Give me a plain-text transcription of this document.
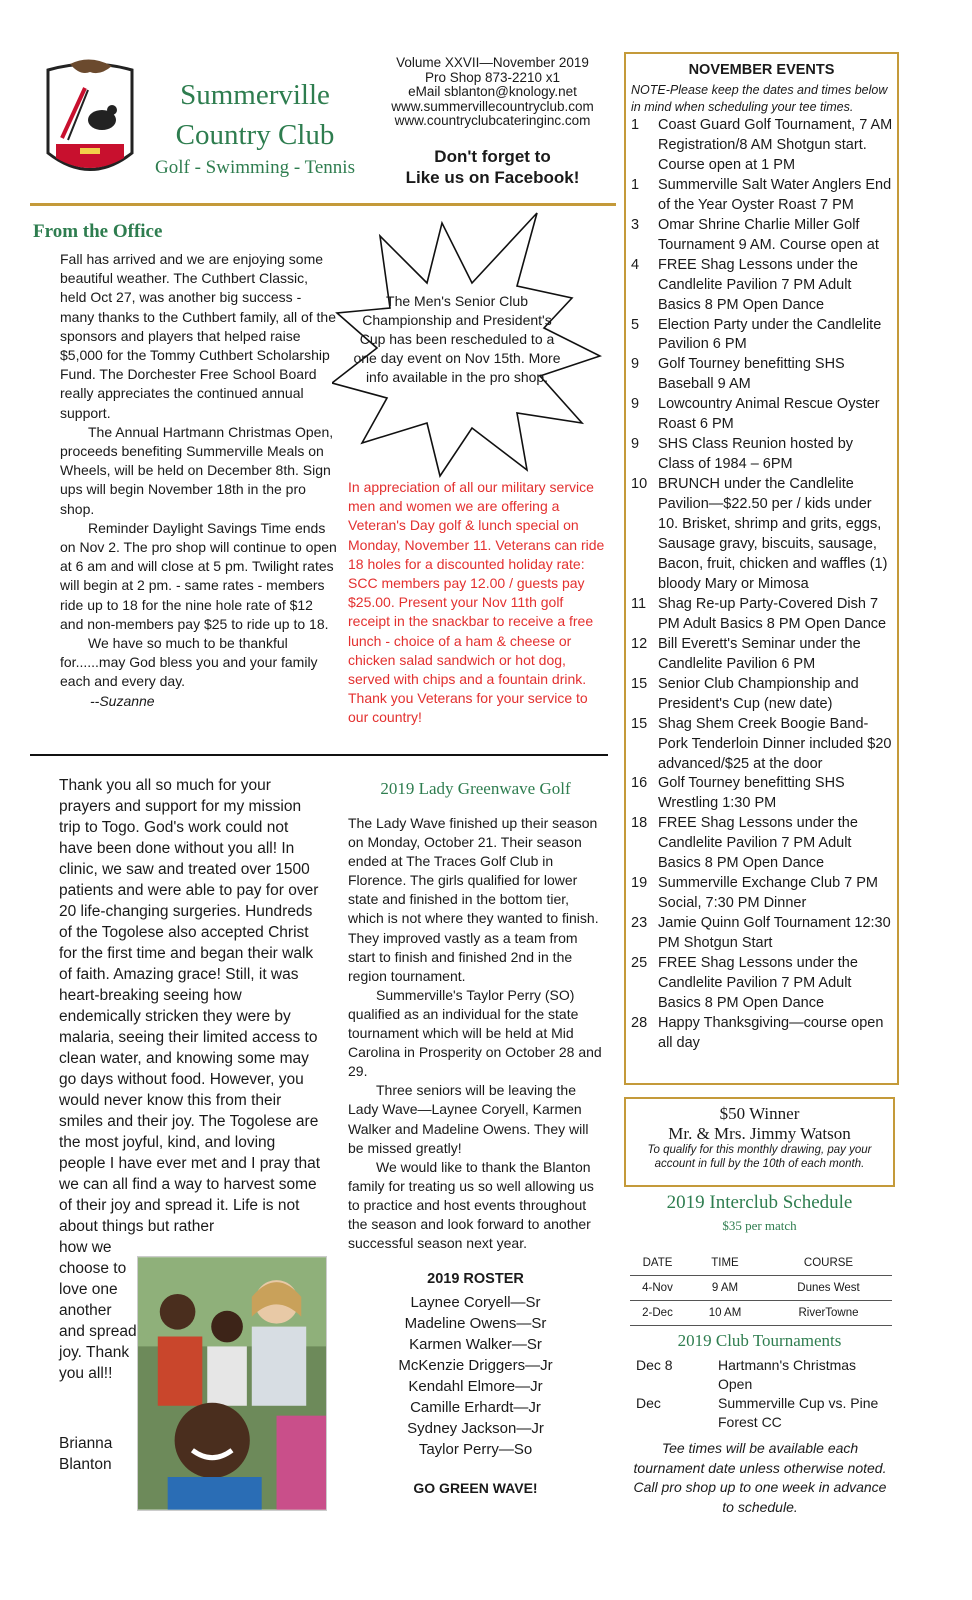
Summerville
Country Club
Golf - Swimming - Tennis
Volume XXVII—November 2019
Pro Shop 873-2210 x1
eMail sblanton@knology.net
www.summervillecountryclub.com
www.countryclubcateringinc.com
Don't forget to
Like us on Facebook!
From the Office

Fall has arrived and we are enjoying some beautiful weather. The Cuthbert Classic, held Oct 27, was another big success - many thanks to the Cuthbert family, all of the sponsors and players that helped raise $5,000 for the Tommy Cuthbert Scholarship Fund. The Dorchester Free School Board really appreciates the continued annual support.

The Annual Hartmann Christmas Open, proceeds benefiting Summerville Meals on Wheels, will be held on December 8th. Sign ups will begin November 18th in the pro shop.

Reminder Daylight Savings Time ends on Nov 2. The pro shop will continue to open at 6 am and will close at 5 pm. Twilight rates will begin at 2 pm. - same rates - members ride up to 18 for the nine hole rate of $12 and non-members pay $25 to ride up to 18.

We have so much to be thankful for......may God bless you and your family each and every day.

--Suzanne

The Men's Senior Club Championship and President's Cup has been rescheduled to a one day event on Nov 15th. More info available in the pro shop.
In appreciation of all our military service men and women we are offering a Veteran's Day golf & lunch special on Monday, November 11. Veterans can ride 18 holes for a discounted holiday rate: SCC members pay 12.00 / guests pay $25.00. Present your Nov 11th golf receipt in the snackbar to receive a free lunch - choice of a ham & cheese or chicken salad sandwich or hot dog, served with chips and a fountain drink. Thank you Veterans for your service to our country!
Thank you all so much for your prayers and support for my mission trip to Togo. God's work could not have been done without you all! In clinic, we saw and treated over 1500 patients and were able to pay for over 20 life-changing surgeries. Hundreds of the Togolese also accepted Christ for the first time and began their walk of faith. Amazing grace! Still, it was heart-breaking seeing how endemically stricken they were by malaria, seeing their limited access to clean water, and knowing some may go days without food. However, you would never know this from their smiles and their joy. The Togolese are the most joyful, kind, and loving people I have ever met and I pray that we can all find a way to harvest some of their joy and spread it. Life is not about things but rather
how we choose to love one another and spread joy. Thank you all!!
Brianna
Blanton
2019 Lady Greenwave Golf

The Lady Wave finished up their season on Monday, October 21. Their season ended at The Traces Golf Club in Florence. The girls qualified for lower state and finished in the bottom tier, which is not where they wanted to finish. They improved vastly as a team from start to finish and finished 2nd in the region tournament.

Summerville's Taylor Perry (SO) qualified as an individual for the state tournament which will be held at Mid Carolina in Prosperity on October 28 and 29.

Three seniors will be leaving the Lady Wave—Laynee Coryell, Karmen Walker and Madeline Owens. They will be missed greatly!

We would like to thank the Blanton family for treating us so well allowing us to practice and host events throughout the season and look forward to another successful season next year.

2019 ROSTER
Laynee Coryell—Sr
Madeline Owens—Sr
Karmen Walker—Sr
McKenzie Driggers—Jr
Kendahl Elmore—Jr
Camille Erhardt—Jr
Sydney Jackson—Jr
Taylor Perry—So
GO GREEN WAVE!
NOVEMBER EVENTS
NOTE-Please keep the dates and times below in mind when scheduling your tee times.
1	Coast Guard Golf Tournament, 7 AM Registration/8 AM Shotgun start. Course open at 1 PM
1	Summerville Salt Water Anglers End of the Year Oyster Roast 7 PM
3	Omar Shrine Charlie Miller Golf Tournament 9 AM. Course open at
4	FREE Shag Lessons under the Candlelite Pavilion 7 PM Adult Basics 8 PM Open Dance
5	Election Party under the Candlelite Pavilion 6 PM
9	Golf Tourney benefitting SHS Baseball 9 AM
9	Lowcountry Animal Rescue Oyster Roast 6 PM
9	SHS Class Reunion hosted by Class of 1984 – 6PM
10 BRUNCH under the Candlelite Pavilion—$22.50 per / kids under 10. Brisket, shrimp and grits, eggs, Sausage gravy, biscuits, sausage, Bacon, fruit, chicken and waffles (1) bloody Mary or Mimosa
11 Shag Re-up Party-Covered Dish 7 PM Adult Basics 8 PM Open Dance
12 Bill Everett's Seminar under the Candlelite Pavilion 6 PM
15 Senior Club Championship and President's Cup (new date)
15 Shag Shem Creek Boogie Band-Pork Tenderloin Dinner included $20 advanced/$25 at the door
16 Golf Tourney benefitting SHS Wrestling 1:30 PM
18 FREE Shag Lessons under the Candlelite Pavilion 7 PM Adult Basics 8 PM Open Dance
19 Summerville Exchange Club 7 PM Social, 7:30 PM Dinner
23 Jamie Quinn Golf Tournament 12:30 PM Shotgun Start
25 FREE Shag Lessons under the Candlelite Pavilion 7 PM Adult Basics 8 PM Open Dance
28 Happy Thanksgiving—course open all day
$50 Winner
Mr. & Mrs. Jimmy Watson
To qualify for this monthly drawing, pay your account in full by the 10th of each month.
2019 Interclub Schedule
$35 per match
DATE	TIME	COURSE
4-Nov	9 AM	Dunes West
2-Dec	10 AM	RiverTowne
2019 Club Tournaments
Dec 8	Hartmann's Christmas Open
Dec	Summerville Cup vs. Pine Forest CC
Tee times will be available each tournament date unless otherwise noted. Call pro shop up to one week in advance to schedule.
